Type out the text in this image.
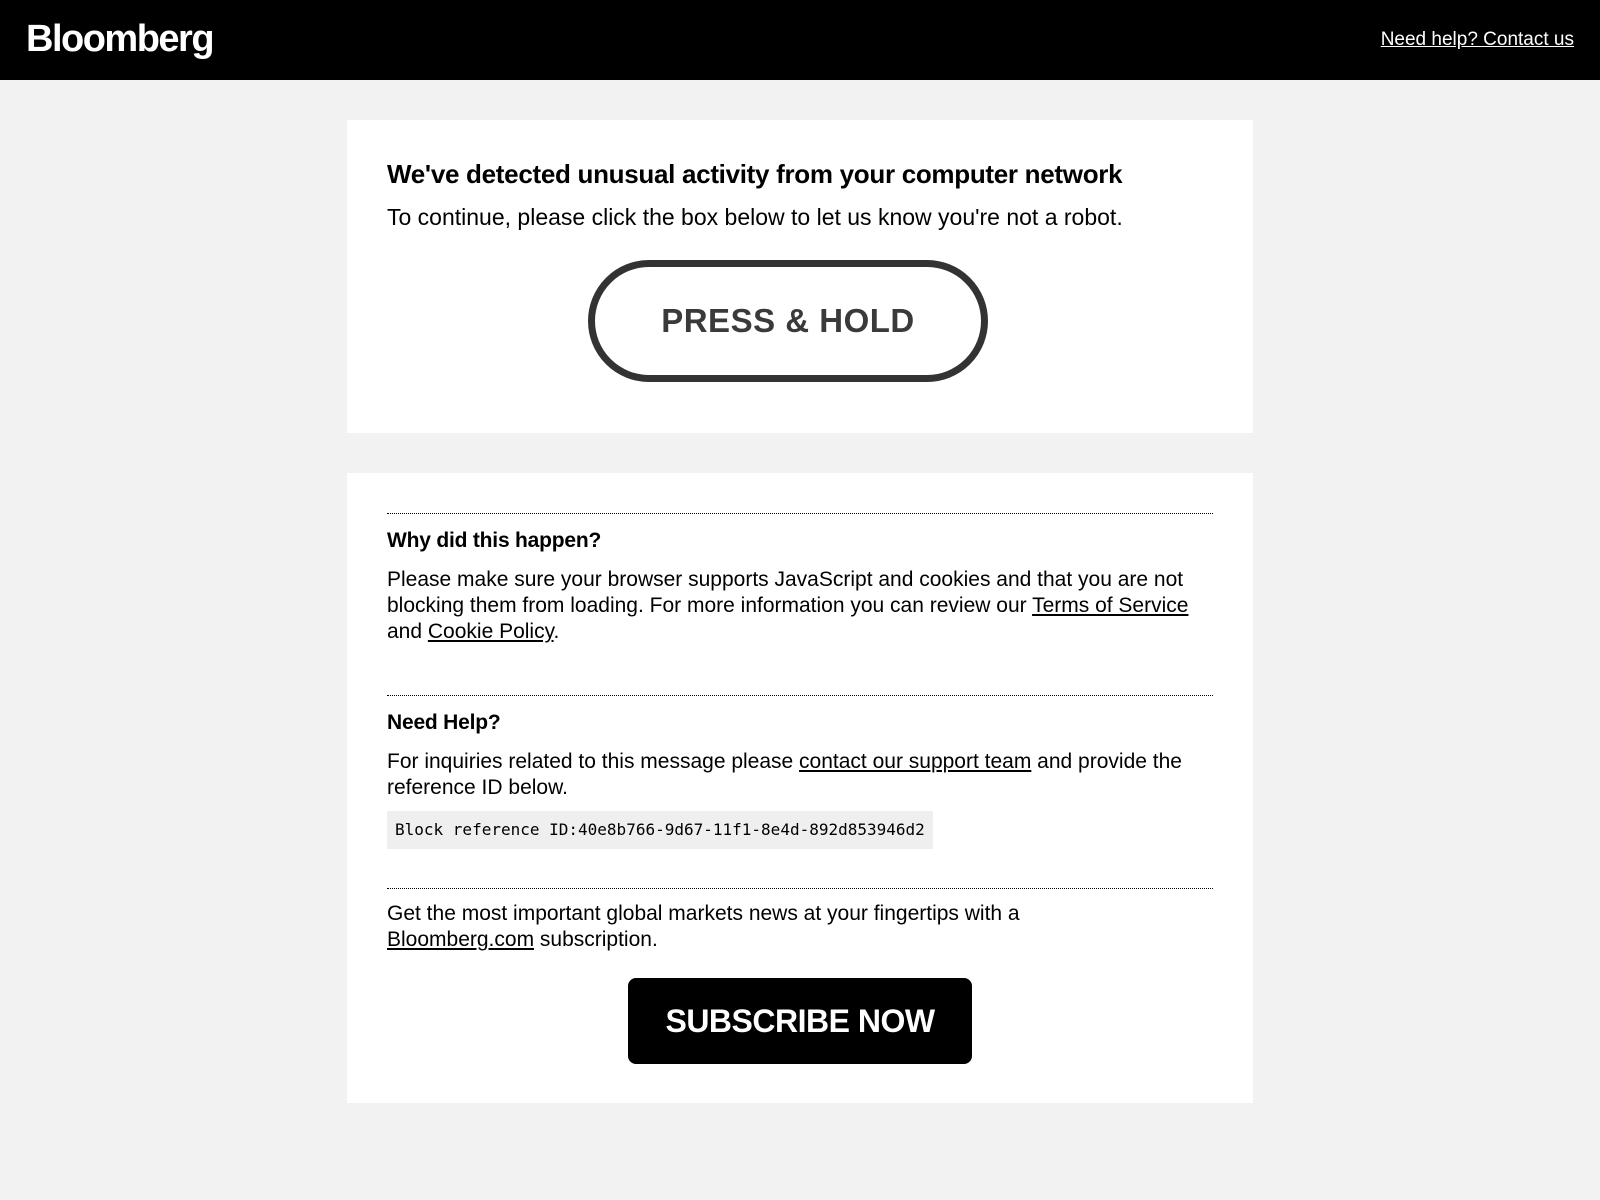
Bloomberg	Need help? Contact us
We've detected unusual activity from your computer network
To continue, please click the box below to let us know you're not a robot.
PRESS & HOLD
Why did this happen?
Please make sure your browser supports JavaScript and cookies and that you are not blocking them from loading. For more information you can review our Terms of Service and Cookie Policy.
Need Help?
For inquiries related to this message please contact our support team and provide the reference ID below.
Block reference ID:40e8b766-9d67-11f1-8e4d-892d853946d2
Get the most important global markets news at your fingertips with a Bloomberg.com subscription.
SUBSCRIBE NOW
